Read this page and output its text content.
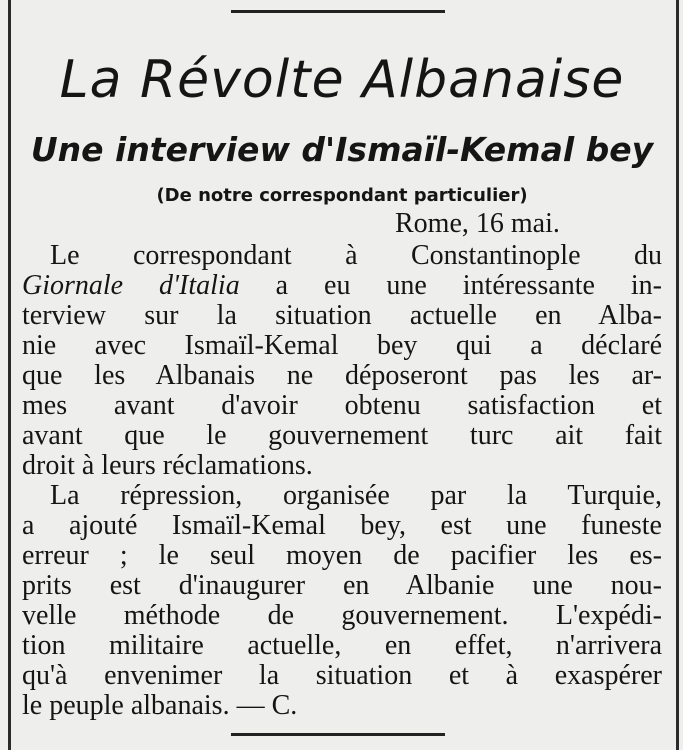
La Révolte Albanaise
Une interview d'Ismaïl-Kemal bey
(De notre correspondant particulier)
Rome, 16 mai.
Le correspondant à Constantinople du
Giornale d'Italia a eu une intéressante in-
terview sur la situation actuelle en Alba-
nie avec Ismaïl-Kemal bey qui a déclaré
que les Albanais ne déposeront pas les ar-
mes avant d'avoir obtenu satisfaction et
avant que le gouvernement turc ait fait
droit à leurs réclamations.
La répression, organisée par la Turquie,
a ajouté Ismaïl-Kemal bey, est une funeste
erreur ; le seul moyen de pacifier les es-
prits est d'inaugurer en Albanie une nou-
velle méthode de gouvernement. L'expédi-
tion militaire actuelle, en effet, n'arrivera
qu'à envenimer la situation et à exaspérer
le peuple albanais. — C.
